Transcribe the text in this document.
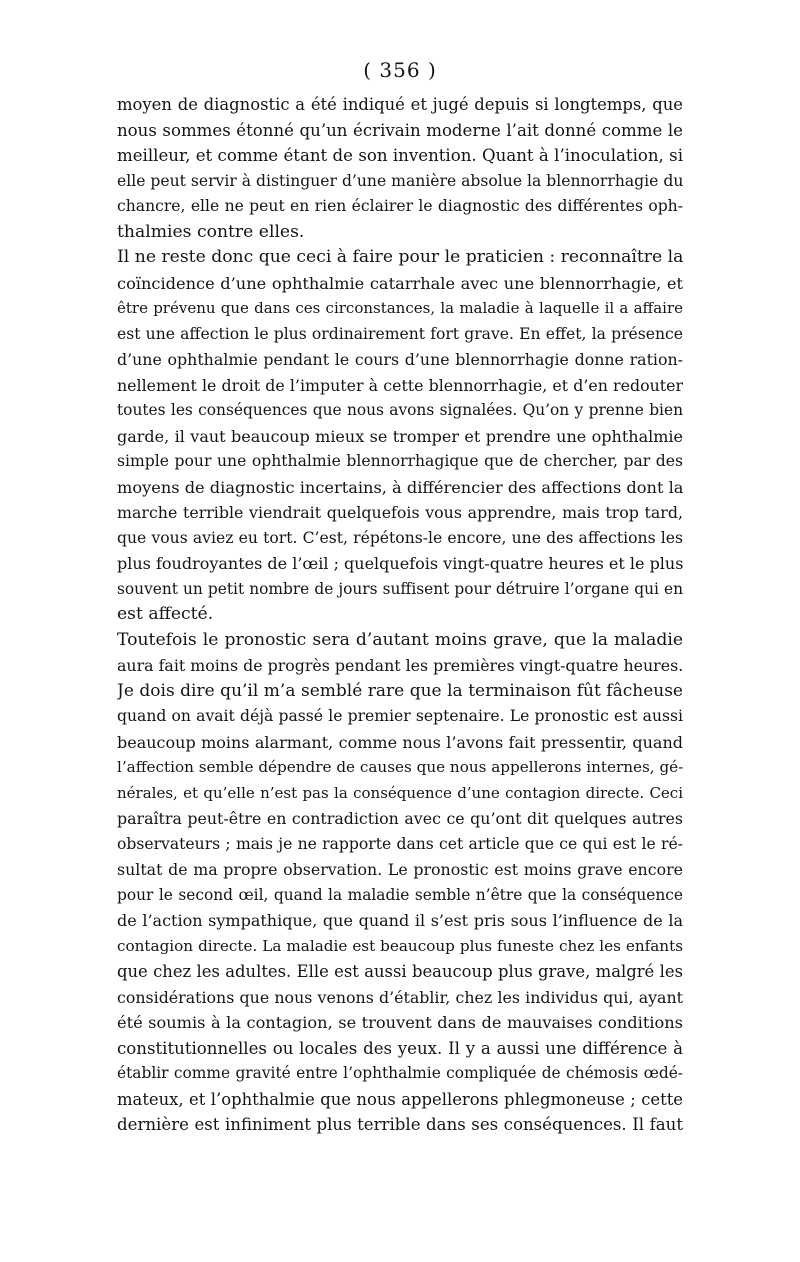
( 356 )
moyen de diagnostic a été indiqué et jugé depuis si longtemps, que
nous sommes étonné qu’un écrivain moderne l’ait donné comme le
meilleur, et comme étant de son invention. Quant à l’inoculation, si
elle peut servir à distinguer d’une manière absolue la blennorrhagie du
chancre, elle ne peut en rien éclairer le diagnostic des différentes oph-
thalmies contre elles.
Il ne reste donc que ceci à faire pour le praticien : reconnaître la
coïncidence d’une ophthalmie catarrhale avec une blennorrhagie, et
être prévenu que dans ces circonstances, la maladie à laquelle il a affaire
est une affection le plus ordinairement fort grave. En effet, la présence
d’une ophthalmie pendant le cours d’une blennorrhagie donne ration-
nellement le droit de l’imputer à cette blennorrhagie, et d’en redouter
toutes les conséquences que nous avons signalées. Qu’on y prenne bien
garde, il vaut beaucoup mieux se tromper et prendre une ophthalmie
simple pour une ophthalmie blennorrhagique que de chercher, par des
moyens de diagnostic incertains, à différencier des affections dont la
marche terrible viendrait quelquefois vous apprendre, mais trop tard,
que vous aviez eu tort. C’est, répétons-le encore, une des affections les
plus foudroyantes de l’œil ; quelquefois vingt-quatre heures et le plus
souvent un petit nombre de jours suffisent pour détruire l’organe qui en
est affecté.
Toutefois le pronostic sera d’autant moins grave, que la maladie
aura fait moins de progrès pendant les premières vingt-quatre heures.
Je dois dire qu’il m’a semblé rare que la terminaison fût fâcheuse
quand on avait déjà passé le premier septenaire. Le pronostic est aussi
beaucoup moins alarmant, comme nous l’avons fait pressentir, quand
l’affection semble dépendre de causes que nous appellerons internes, gé-
nérales, et qu’elle n’est pas la conséquence d’une contagion directe. Ceci
paraîtra peut-être en contradiction avec ce qu’ont dit quelques autres
observateurs ; mais je ne rapporte dans cet article que ce qui est le ré-
sultat de ma propre observation. Le pronostic est moins grave encore
pour le second œil, quand la maladie semble n’être que la conséquence
de l’action sympathique, que quand il s’est pris sous l’influence de la
contagion directe. La maladie est beaucoup plus funeste chez les enfants
que chez les adultes. Elle est aussi beaucoup plus grave, malgré les
considérations que nous venons d’établir, chez les individus qui, ayant
été soumis à la contagion, se trouvent dans de mauvaises conditions
constitutionnelles ou locales des yeux. Il y a aussi une différence à
établir comme gravité entre l’ophthalmie compliquée de chémosis œdé-
mateux, et l’ophthalmie que nous appellerons phlegmoneuse ; cette
dernière est infiniment plus terrible dans ses conséquences. Il faut
